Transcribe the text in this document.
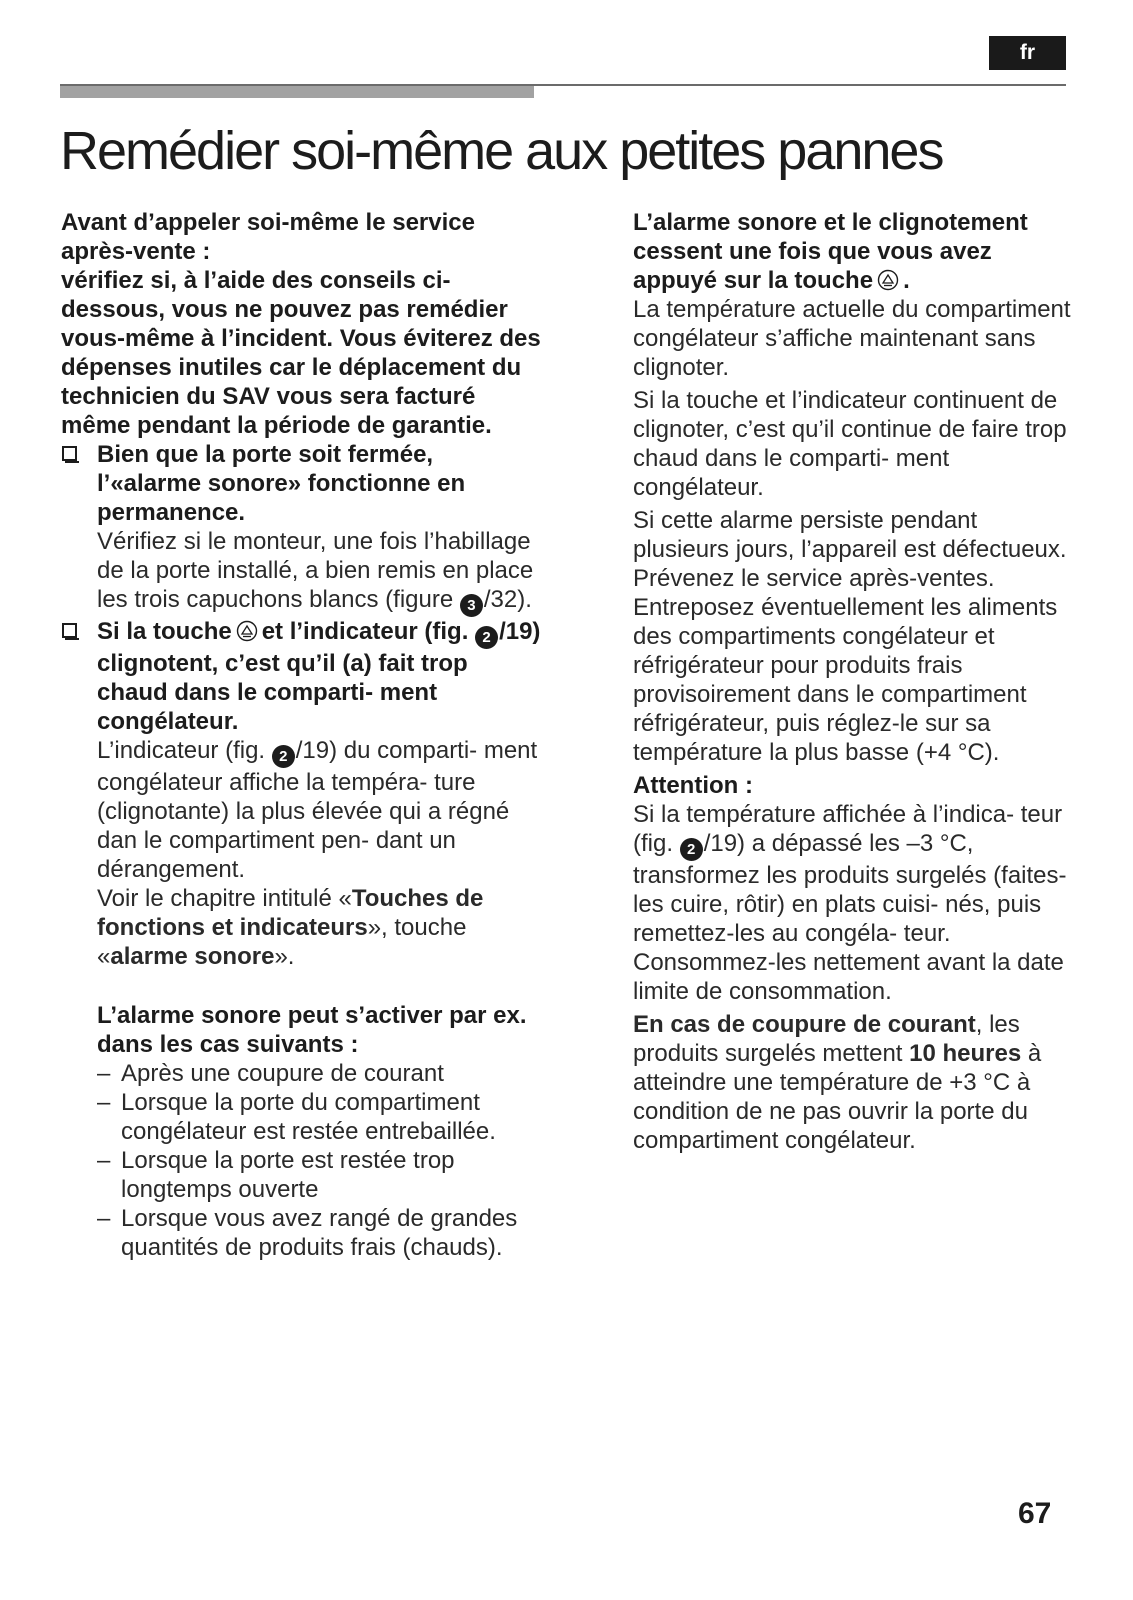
fr
Remédier soi-même aux petites pannes

Avant d’appeler soi-même le service après-vente :
vérifiez si, à l’aide des conseils ci-dessous, vous ne pouvez pas remédier vous-même à l’incident. Vous éviterez des dépenses inutiles car le déplacement du technicien du SAV vous sera facturé même pendant la période de garantie.

Bien que la porte soit fermée, l’«alarme sonore» fonctionne en permanence.

Vérifiez si le monteur, une fois l’habillage de la porte installé, a bien remis en place les trois capuchons blancs (figure 3 /32).

Si la touche et l’indicateur (fig. 2 /19) clignotent, c’est qu’il (a) fait trop chaud dans le comparti- ment congélateur.

L’indicateur (fig. 2 /19) du comparti- ment congélateur affiche la tempéra- ture (clignotante) la plus élevée qui a régné dan le compartiment pen- dant un dérangement.

Voir le chapitre intitulé «Touches de fonctions et indicateurs», touche «alarme sonore».

L’alarme sonore peut s’activer par ex. dans les cas suivants :

– Après une coupure de courant
– Lorsque la porte du compartiment congélateur est restée entrebaillée.
– Lorsque la porte est restée trop longtemps ouverte
– Lorsque vous avez rangé de grandes quantités de produits frais (chauds).

L’alarme sonore et le clignotement cessent une fois que vous avez appuyé sur la touche .

La température actuelle du compartiment congélateur s’affiche maintenant sans clignoter.

Si la touche et l’indicateur continuent de clignoter, c’est qu’il continue de faire trop chaud dans le comparti- ment congélateur.

Si cette alarme persiste pendant plusieurs jours, l’appareil est défectueux. Prévenez le service après-ventes.

Entreposez éventuellement les aliments des compartiments congélateur et réfrigérateur pour produits frais provisoirement dans le compartiment réfrigérateur, puis réglez-le sur sa température la plus basse (+4 °C).

Attention :

Si la température affichée à l’indica- teur (fig. 2 /19) a dépassé les –3 °C, transformez les produits surgelés (faites-les cuire, rôtir) en plats cuisi- nés, puis remettez-les au congéla- teur.

Consommez-les nettement avant la date limite de consommation.

En cas de coupure de courant, les produits surgelés mettent 10 heures à atteindre une température de +3 °C à condition de ne pas ouvrir la porte du compartiment congélateur.

67
